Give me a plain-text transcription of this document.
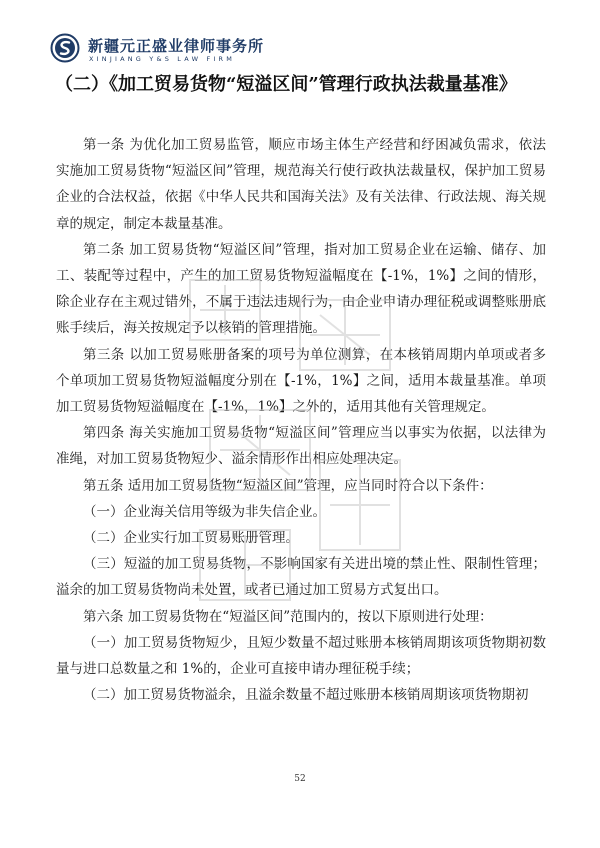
新疆元正盛业律师事务所
XINJIANG Y&S LAW FIRM
（二）《加工贸易货物“短溢区间”管理行政执法裁量基准》

第一条 为优化加工贸易监管，顺应市场主体生产经营和纾困减负需求，依法实施加工贸易货物“短溢区间”管理，规范海关行使行政执法裁量权，保护加工贸易企业的合法权益，依据《中华人民共和国海关法》及有关法律、行政法规、海关规章的规定，制定本裁量基准。

第二条 加工贸易货物“短溢区间”管理，指对加工贸易企业在运输、储存、加工、装配等过程中，产生的加工贸易货物短溢幅度在【-1%，1%】之间的情形，除企业存在主观过错外，不属于违法违规行为，由企业申请办理征税或调整账册底账手续后，海关按规定予以核销的管理措施。

第三条 以加工贸易账册备案的项号为单位测算，在本核销周期内单项或者多个单项加工贸易货物短溢幅度分别在【-1%，1%】之间，适用本裁量基准。单项加工贸易货物短溢幅度在【-1%，1%】之外的，适用其他有关管理规定。

第四条 海关实施加工贸易货物“短溢区间”管理应当以事实为依据，以法律为准绳，对加工贸易货物短少、溢余情形作出相应处理决定。

第五条 适用加工贸易货物“短溢区间”管理，应当同时符合以下条件：

（一）企业海关信用等级为非失信企业。

（二）企业实行加工贸易账册管理。

（三）短溢的加工贸易货物，不影响国家有关进出境的禁止性、限制性管理；溢余的加工贸易货物尚未处置，或者已通过加工贸易方式复出口。

第六条 加工贸易货物在“短溢区间”范围内的，按以下原则进行处理：

（一）加工贸易货物短少，且短少数量不超过账册本核销周期该项货物期初数量与进口总数量之和 1%的，企业可直接申请办理征税手续；

（二）加工贸易货物溢余，且溢余数量不超过账册本核销周期该项货物期初

52
